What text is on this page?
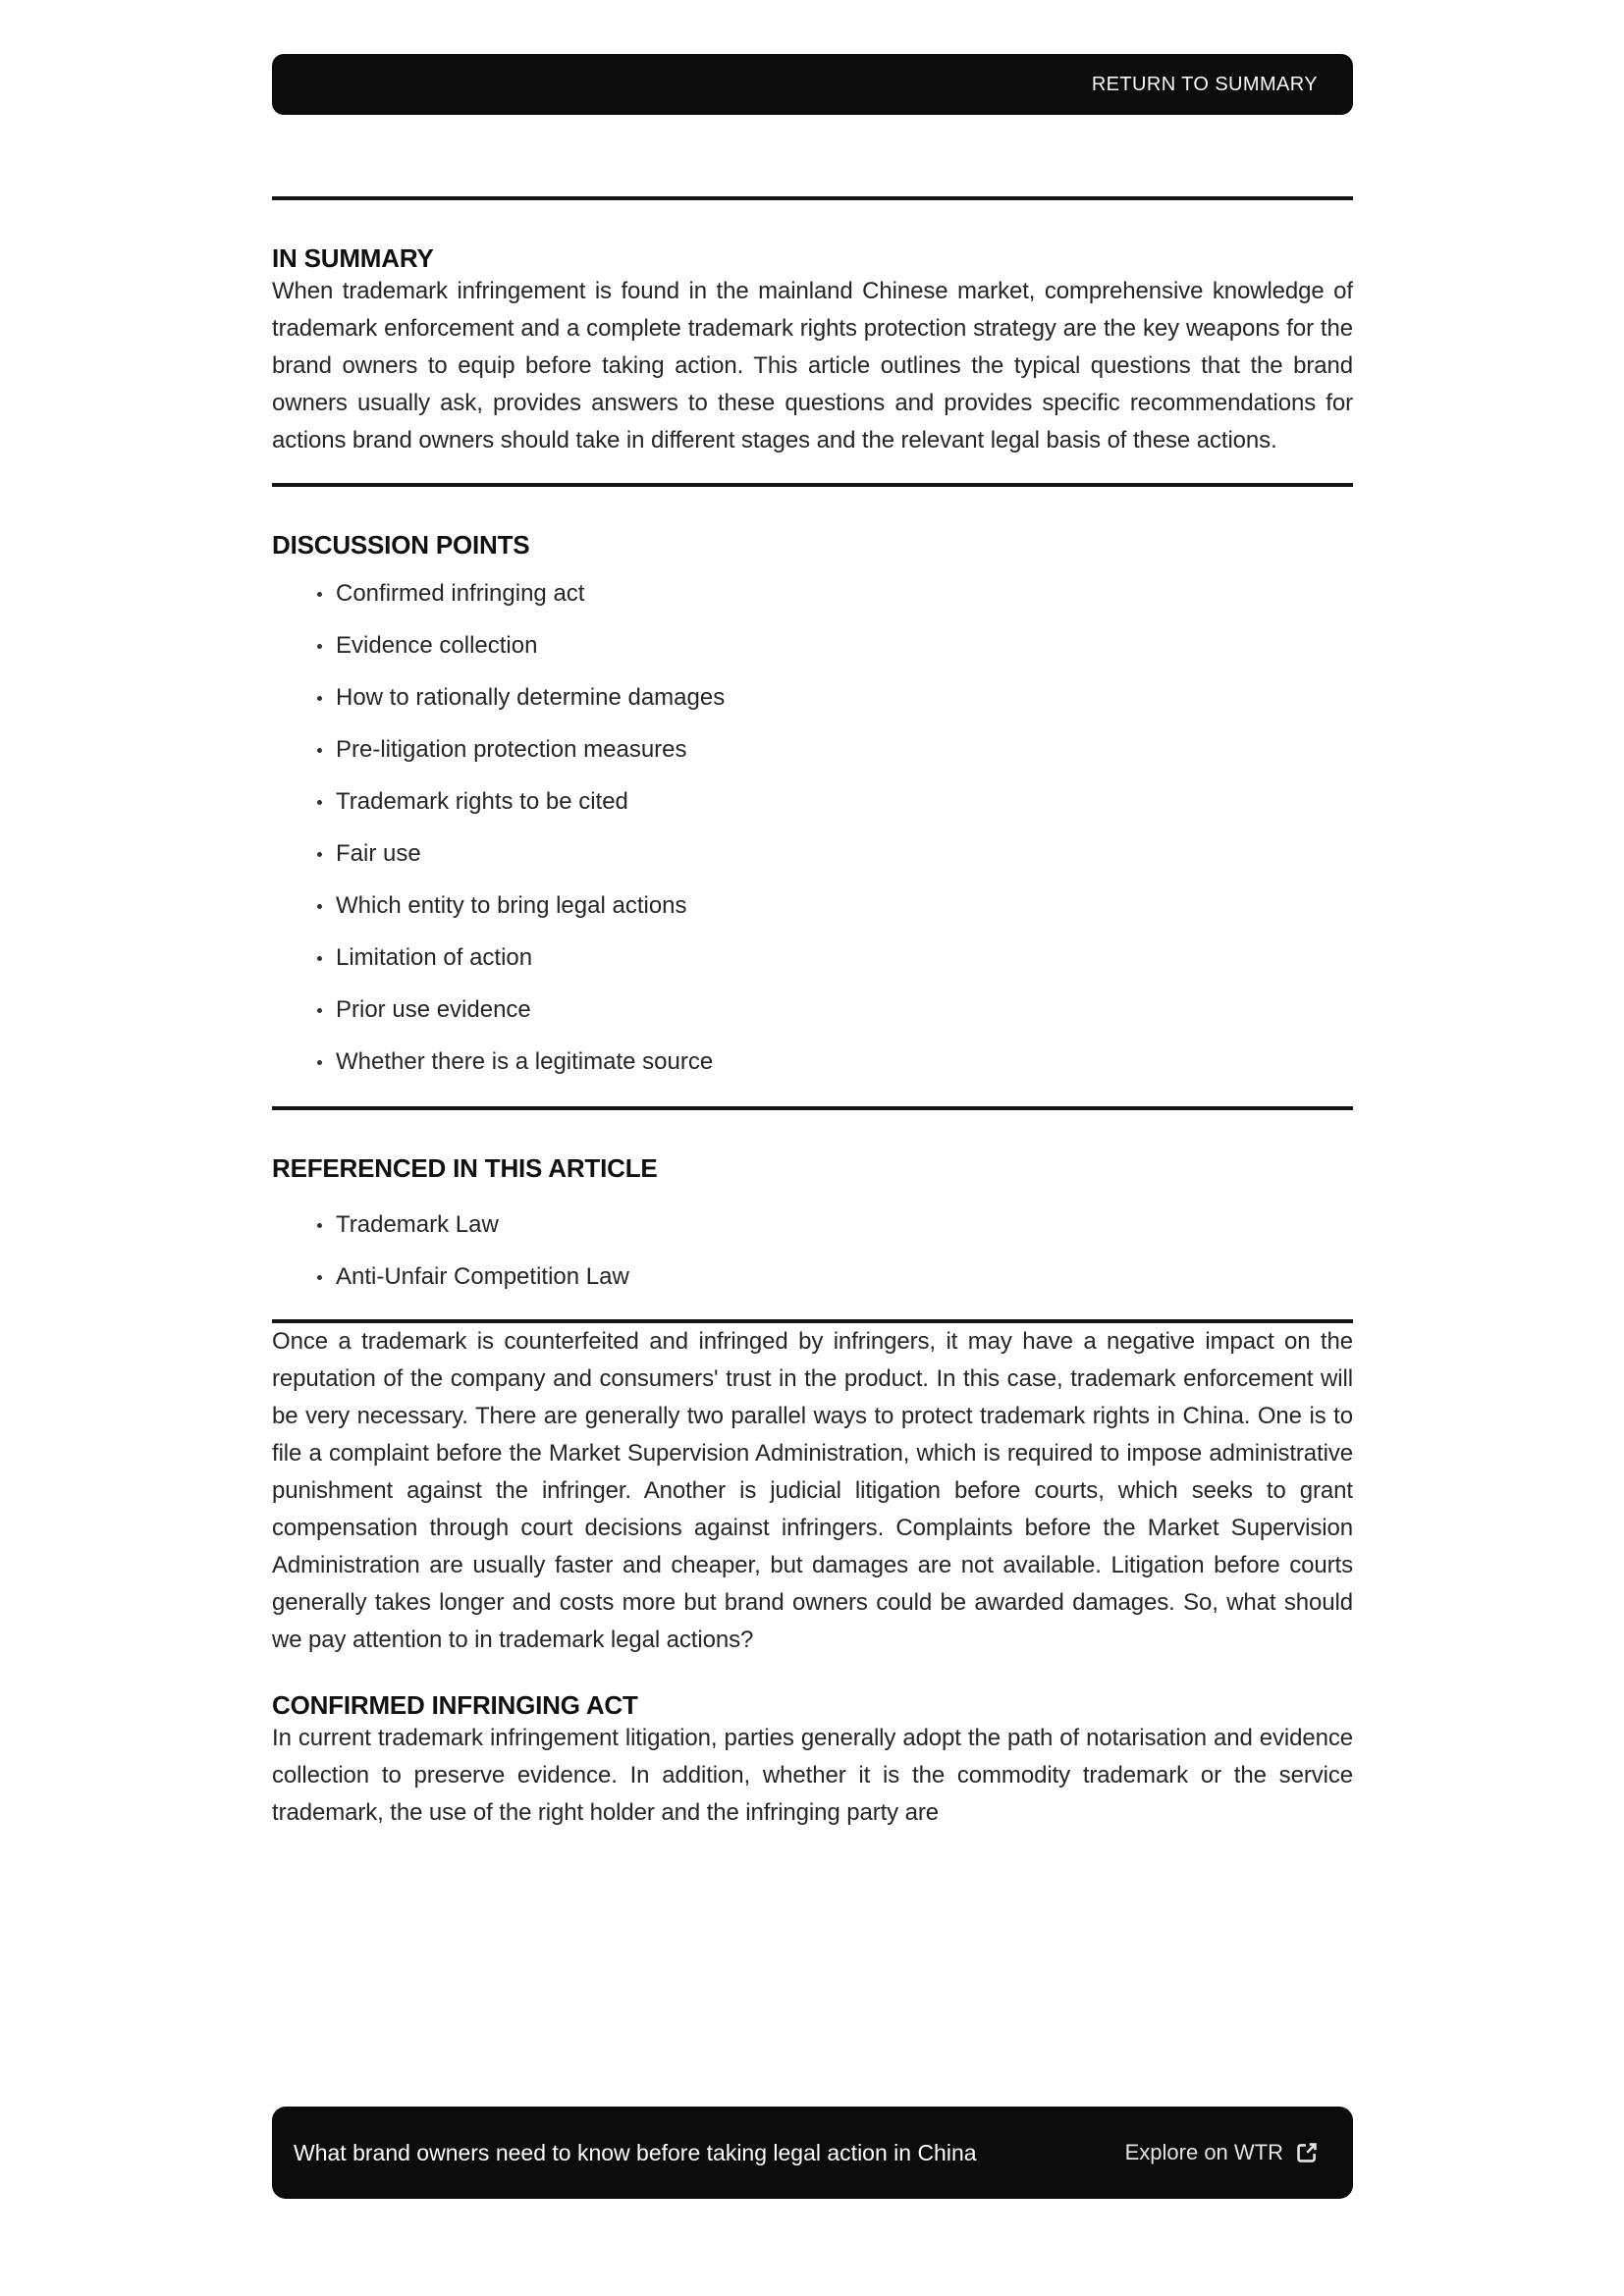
RETURN TO SUMMARY
IN SUMMARY

When trademark infringement is found in the mainland Chinese market, comprehensive knowledge of trademark enforcement and a complete trademark rights protection strategy are the key weapons for the brand owners to equip before taking action. This article outlines the typical questions that the brand owners usually ask, provides answers to these questions and provides specific recommendations for actions brand owners should take in different stages and the relevant legal basis of these actions.

DISCUSSION POINTS
Confirmed infringing act
Evidence collection
How to rationally determine damages
Pre-litigation protection measures
Trademark rights to be cited
Fair use
Which entity to bring legal actions
Limitation of action
Prior use evidence
Whether there is a legitimate source
REFERENCED IN THIS ARTICLE
Trademark Law
Anti-Unfair Competition Law

Once a trademark is counterfeited and infringed by infringers, it may have a negative impact on the reputation of the company and consumers' trust in the product. In this case, trademark enforcement will be very necessary. There are generally two parallel ways to protect trademark rights in China. One is to file a complaint before the Market Supervision Administration, which is required to impose administrative punishment against the infringer. Another is judicial litigation before courts, which seeks to grant compensation through court decisions against infringers. Complaints before the Market Supervision Administration are usually faster and cheaper, but damages are not available. Litigation before courts generally takes longer and costs more but brand owners could be awarded damages. So, what should we pay attention to in trademark legal actions?

CONFIRMED INFRINGING ACT

In current trademark infringement litigation, parties generally adopt the path of notarisation and evidence collection to preserve evidence. In addition, whether it is the commodity trademark or the service trademark, the use of the right holder and the infringing party are

What brand owners need to know before taking legal action in China	Explore on WTR
